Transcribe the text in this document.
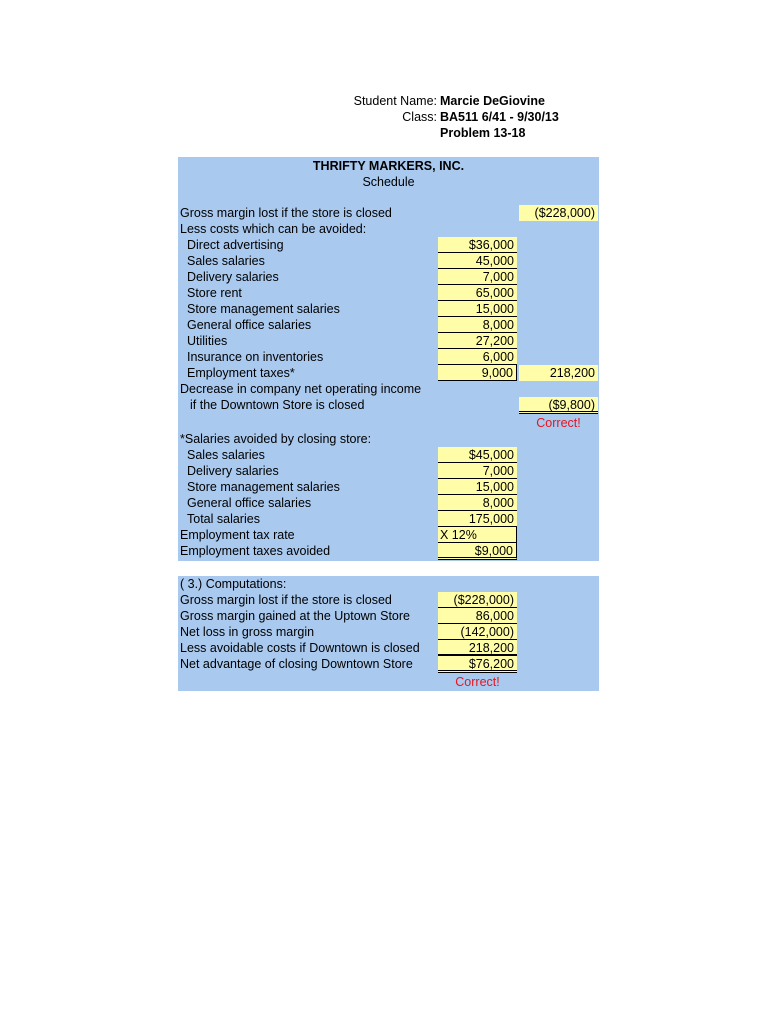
Student Name: Marcie DeGiovine
Class: BA511 6/41 - 9/30/13
Problem 13-18
THRIFTY MARKERS, INC.
Schedule
Gross margin lost if the store is closed	($228,000)
Less costs which can be avoided:
Direct advertising	$36,000
Sales salaries	45,000
Delivery salaries	7,000
Store rent	65,000
Store management salaries	15,000
General office salaries	8,000
Utilities	27,200
Insurance on inventories	6,000
Employment taxes*	9,000	218,200
Decrease in company net operating income
if the Downtown Store is closed	($9,800)
Correct!
*Salaries avoided by closing store:
Sales salaries	$45,000
Delivery salaries	7,000
Store management salaries	15,000
General office salaries	8,000
Total salaries	175,000
Employment tax rate	X 12%
Employment taxes avoided	$9,000
( 3.) Computations:
Gross margin lost if the store is closed	($228,000)
Gross margin gained at the Uptown Store	86,000
Net loss in gross margin	(142,000)
Less avoidable costs if Downtown is closed	218,200
Net advantage of closing Downtown Store	$76,200
Correct!
